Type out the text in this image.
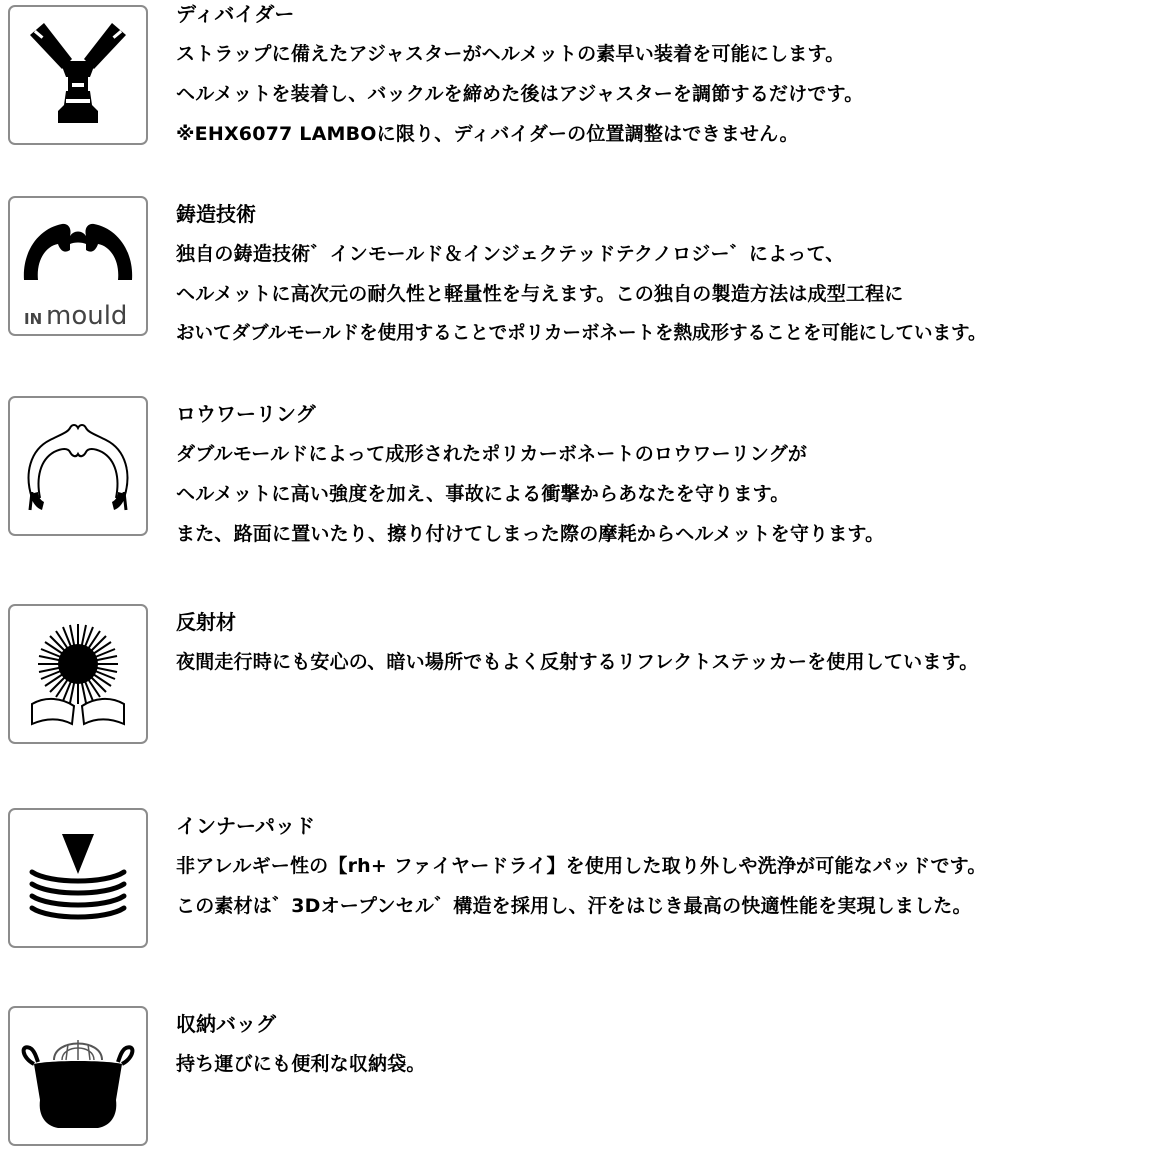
ディバイダー
ストラップに備えたアジャスターがヘルメットの素早い装着を可能にします。
ヘルメットを装着し、バックルを締めた後はアジャスターを調節するだけです。
※EHX6077 LAMBOに限り、ディバイダーの位置調整はできません。
IN mould
鋳造技術
独自の鋳造技術゛インモールド＆インジェクテッドテクノロジー゛によって、
ヘルメットに高次元の耐久性と軽量性を与えます。この独自の製造方法は成型工程に
おいてダブルモールドを使用することでポリカーボネートを熱成形することを可能にしています。
ロウワーリング
ダブルモールドによって成形されたポリカーボネートのロウワーリングが
ヘルメットに高い強度を加え、事故による衝撃からあなたを守ります。
また、路面に置いたり、擦り付けてしまった際の摩耗からヘルメットを守ります。
反射材
夜間走行時にも安心の、暗い場所でもよく反射するリフレクトステッカーを使用しています。
インナーパッド
非アレルギー性の【rh+ ファイヤードライ】を使用した取り外しや洗浄が可能なパッドです。
この素材は゛3Dオープンセル゛構造を採用し、汗をはじき最高の快適性能を実現しました。
収納バッグ
持ち運びにも便利な収納袋。
